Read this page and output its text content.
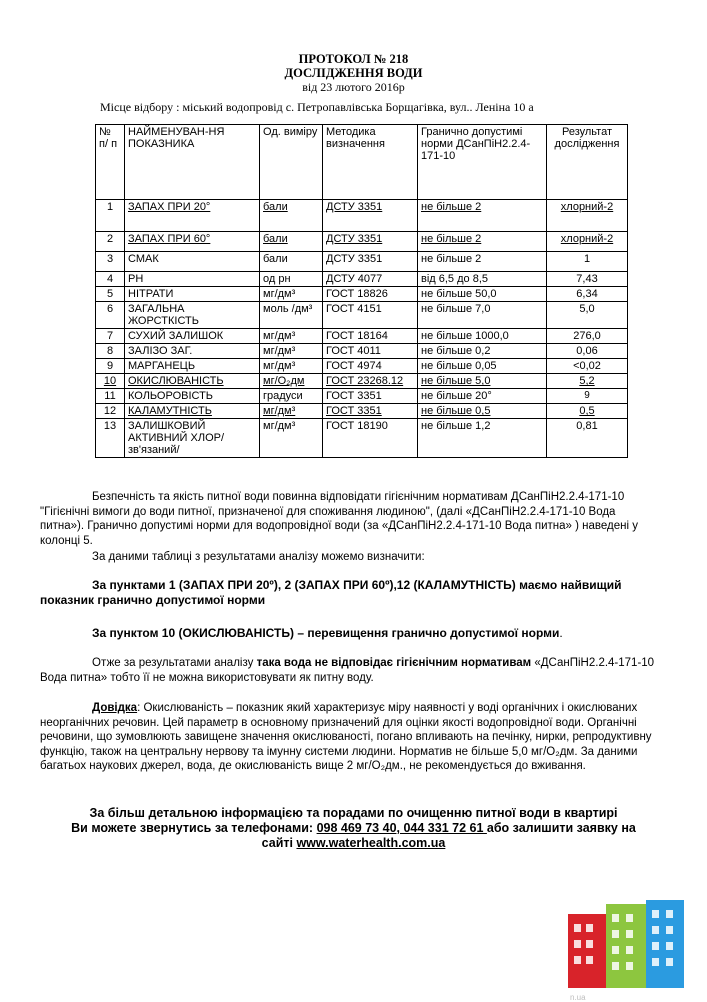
ПРОТОКОЛ № 218
ДОСЛІДЖЕННЯ ВОДИ
від 23 лютого 2016р
Місце відбору : міський водопровід с. Петропавлівська Борщагівка, вул.. Леніна 10 а
№ п/ п	НАЙМЕНУВАН-НЯ ПОКАЗНИКА	Од. виміру	Методика визначення	Гранично допустимі норми ДСанПіН2.2.4-171-10	Результат дослідження
1	ЗАПАХ ПРИ 20°	бали	ДСТУ 3351	не більше 2	хлорний-2
2	ЗАПАХ ПРИ 60°	бали	ДСТУ 3351	не більше 2	хлорний-2
3	СМАК	бали	ДСТУ 3351	не більше 2	1
4	РН	од рн	ДСТУ 4077	від 6,5 до 8,5	7,43
5	НІТРАТИ	мг/дм³	ГОСТ 18826	не більше 50,0	6,34
6	ЗАГАЛЬНА ЖОРСТКІСТЬ	моль /дм³	ГОСТ 4151	не більше 7,0	5,0
7	СУХИЙ ЗАЛИШОК	мг/дм³	ГОСТ 18164	не більше 1000,0	276,0
8	ЗАЛІЗО ЗАГ.	мг/дм³	ГОСТ 4011	не більше 0,2	0,06
9	МАРГАНЕЦЬ	мг/дм³	ГОСТ 4974	не більше 0,05	<0,02
10	ОКИСЛЮВАНІСТЬ	мг/О₂дм	ГОСТ 23268.12	не більше 5,0	5,2
11	КОЛЬОРОВІСТЬ	градуси	ГОСТ 3351	не більше 20°	9
12	КАЛАМУТНІСТЬ	мг/дм³	ГОСТ 3351	не більше 0,5	0,5
13	ЗАЛИШКОВИЙ АКТИВНИЙ ХЛОР/зв'язаний/	мг/дм³	ГОСТ 18190	не більше 1,2	0,81
Безпечність та якість питної води повинна відповідати гігієнічним нормативам ДСанПіН2.2.4-171-10 "Гігієнічні вимоги до води питної, призначеної для споживання людиною", (далі «ДСанПіН2.2.4-171-10 Вода питна»). Гранично допустимі норми для водопровідної води (за «ДСанПіН2.2.4-171-10 Вода питна» ) наведені у колонці 5.
За даними таблиці з результатами аналізу можемо визначити:
За пунктами 1 (ЗАПАХ ПРИ 20º), 2 (ЗАПАХ ПРИ 60º),12 (КАЛАМУТНІСТЬ) маємо найвищий показник гранично допустимої норми
За пунктом 10 (ОКИСЛЮВАНІСТЬ) – перевищення гранично допустимої норми.
Отже за результатами аналізу така вода не відповідає гігієнічним нормативам «ДСанПіН2.2.4-171-10 Вода питна» тобто її не можна використовувати як питну воду.
Довідка: Окислюваність – показник який характеризує міру наявності у воді органічних і окислюваних неорганічних речовин. Цей параметр в основному призначений для оцінки якості водопровідної води. Органічні речовини, що зумовлюють завищене значення окислюваності, погано впливають на печінку, нирки, репродуктивну функцію, також на центральну нервову та імунну системи людини. Норматив не більше 5,0 мг/О₂дм. За даними багатьох наукових джерел, вода, де окислюваність вище 2 мг/О₂дм., не рекомендується до вживання.
За більш детальною інформацією та порадами по очищенню питної води в квартирі
Ви можете звернутись за телефонами: 098 469 73 40, 044 331 72 61 або залишити заявку на
сайті www.waterhealth.com.ua
n.ua
